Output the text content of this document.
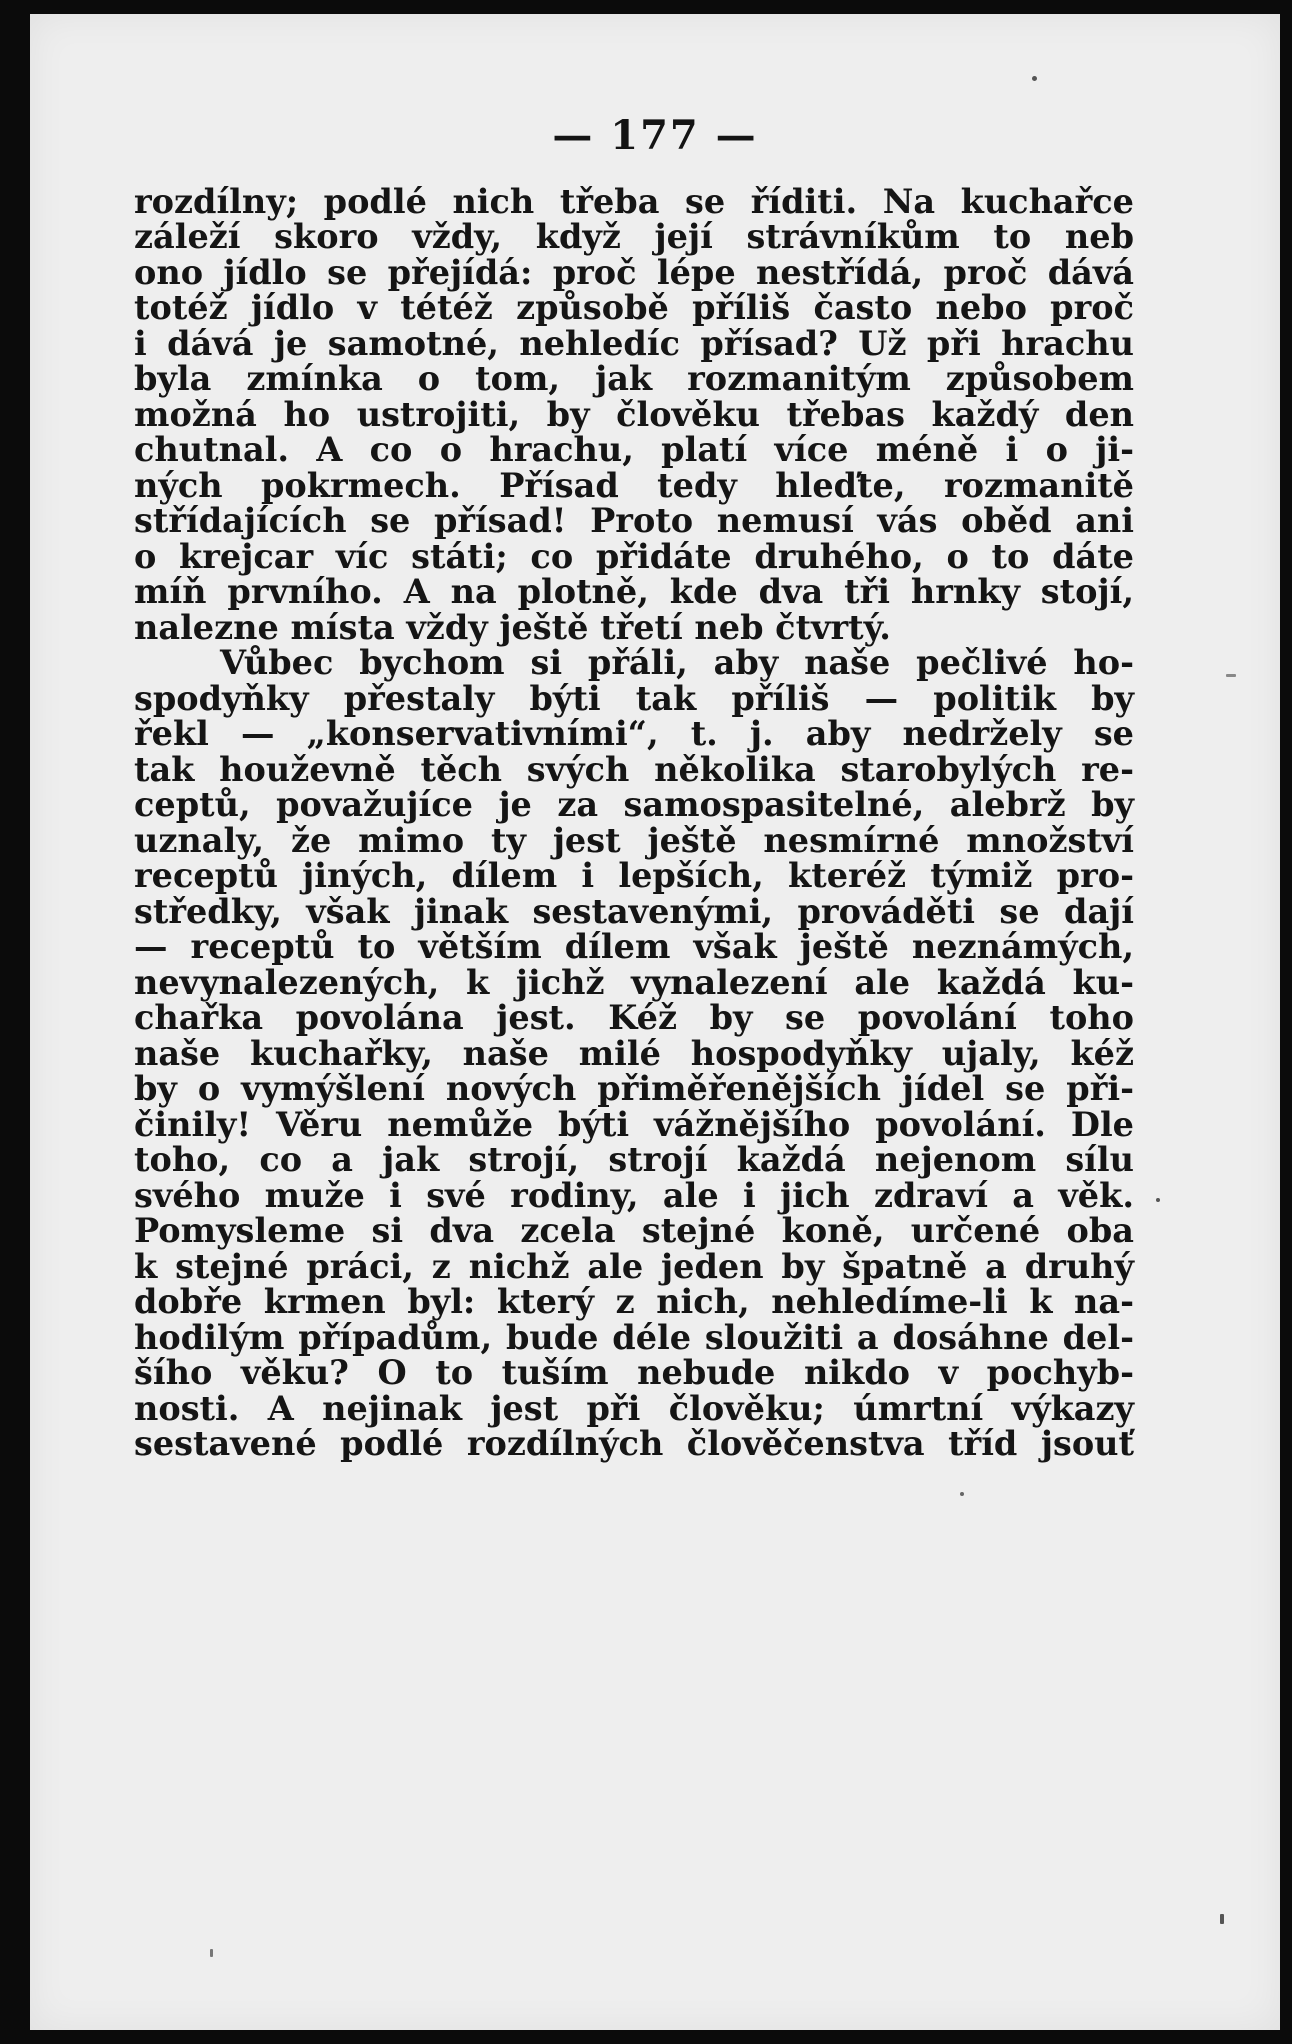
— 177 —
rozdílny; podlé nich třeba se říditi. Na kuchařce
záleží skoro vždy, když její strávníkům to neb
ono jídlo se přejídá: proč lépe nestřídá, proč dává
totéž jídlo v tétéž způsobě příliš často nebo proč
i dává je samotné, nehledíc přísad? Už při hrachu
byla zmínka o tom, jak rozmanitým způsobem
možná ho ustrojiti, by člověku třebas každý den
chutnal. A co o hrachu, platí více méně i o ji-
ných pokrmech. Přísad tedy hleďte, rozmanitě
střídajících se přísad! Proto nemusí vás oběd ani
o krejcar víc státi; co přidáte druhého, o to dáte
míň prvního. A na plotně, kde dva tři hrnky stojí,
nalezne místa vždy ještě třetí neb čtvrtý.
Vůbec bychom si přáli, aby naše pečlivé ho-
spodyňky přestaly býti tak příliš — politik by
řekl — „konservativními“, t. j. aby nedržely se
tak houževně těch svých několika starobylých re-
ceptů, považujíce je za samospasitelné, alebrž by
uznaly, že mimo ty jest ještě nesmírné množství
receptů jiných, dílem i lepších, kteréž týmiž pro-
středky, však jinak sestavenými, prováděti se dají
— receptů to větším dílem však ještě neznámých,
nevynalezených, k jichž vynalezení ale každá ku-
chařka povolána jest. Kéž by se povolání toho
naše kuchařky, naše milé hospodyňky ujaly, kéž
by o vymýšlení nových přiměřenějších jídel se při-
činily! Věru nemůže býti vážnějšího povolání. Dle
toho, co a jak strojí, strojí každá nejenom sílu
svého muže i své rodiny, ale i jich zdraví a věk.
Pomysleme si dva zcela stejné koně, určené oba
k stejné práci, z nichž ale jeden by špatně a druhý
dobře krmen byl: který z nich, nehledíme-li k na-
hodilým případům, bude déle sloužiti a dosáhne del-
šího věku? O to tuším nebude nikdo v pochyb-
nosti. A nejinak jest při člověku; úmrtní výkazy
sestavené podlé rozdílných člověčenstva tříd jsouť
